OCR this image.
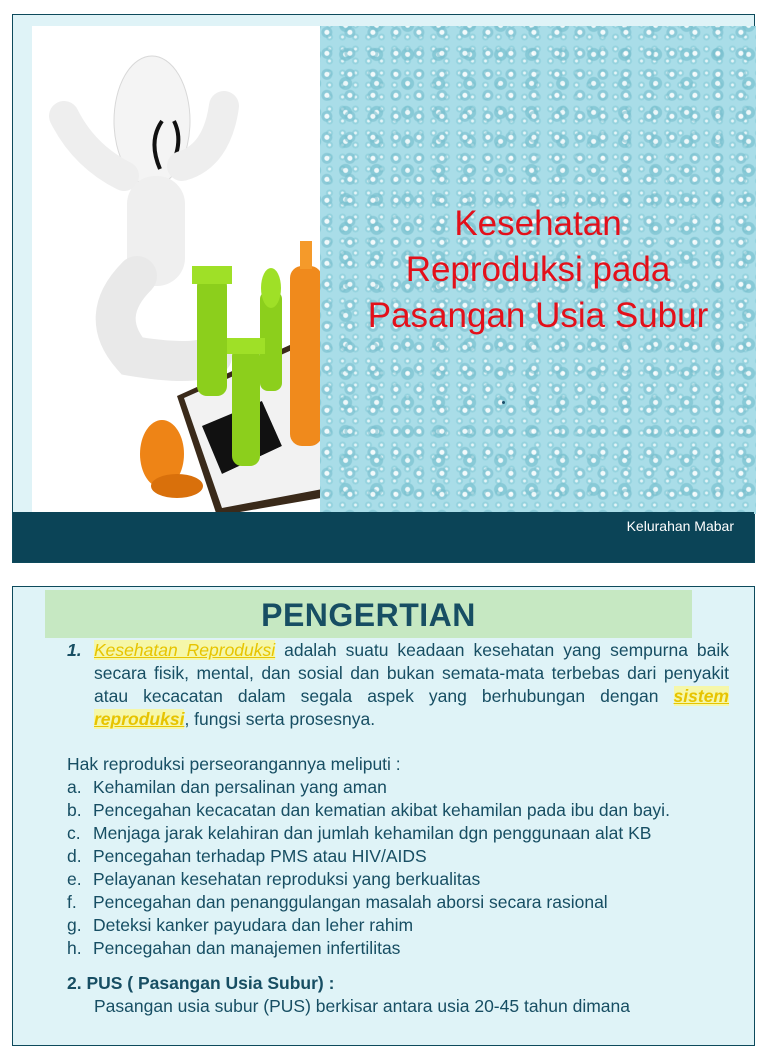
Kesehatan
Reproduksi pada
Pasangan Usia Subur
Kelurahan Mabar
PENGERTIAN

1. Kesehatan Reproduksi adalah suatu keadaan kesehatan yang sempurna baik secara fisik, mental, dan sosial dan bukan semata-mata terbebas dari penyakit atau kecacatan dalam segala aspek yang berhubungan dengan sistem reproduksi, fungsi serta prosesnya.

Hak reproduksi perseorangannya meliputi :

a. Kehamilan dan persalinan yang aman
b. Pencegahan kecacatan dan kematian akibat kehamilan pada ibu dan bayi.
c. Menjaga jarak kelahiran dan jumlah kehamilan dgn penggunaan alat KB
d. Pencegahan terhadap PMS atau HIV/AIDS
e. Pelayanan kesehatan reproduksi yang berkualitas
f. Pencegahan dan penanggulangan masalah aborsi secara rasional
g. Deteksi kanker payudara dan leher rahim
h. Pencegahan dan manajemen infertilitas

2. PUS ( Pasangan Usia Subur) :

Pasangan usia subur (PUS) berkisar antara usia 20-45 tahun dimana
